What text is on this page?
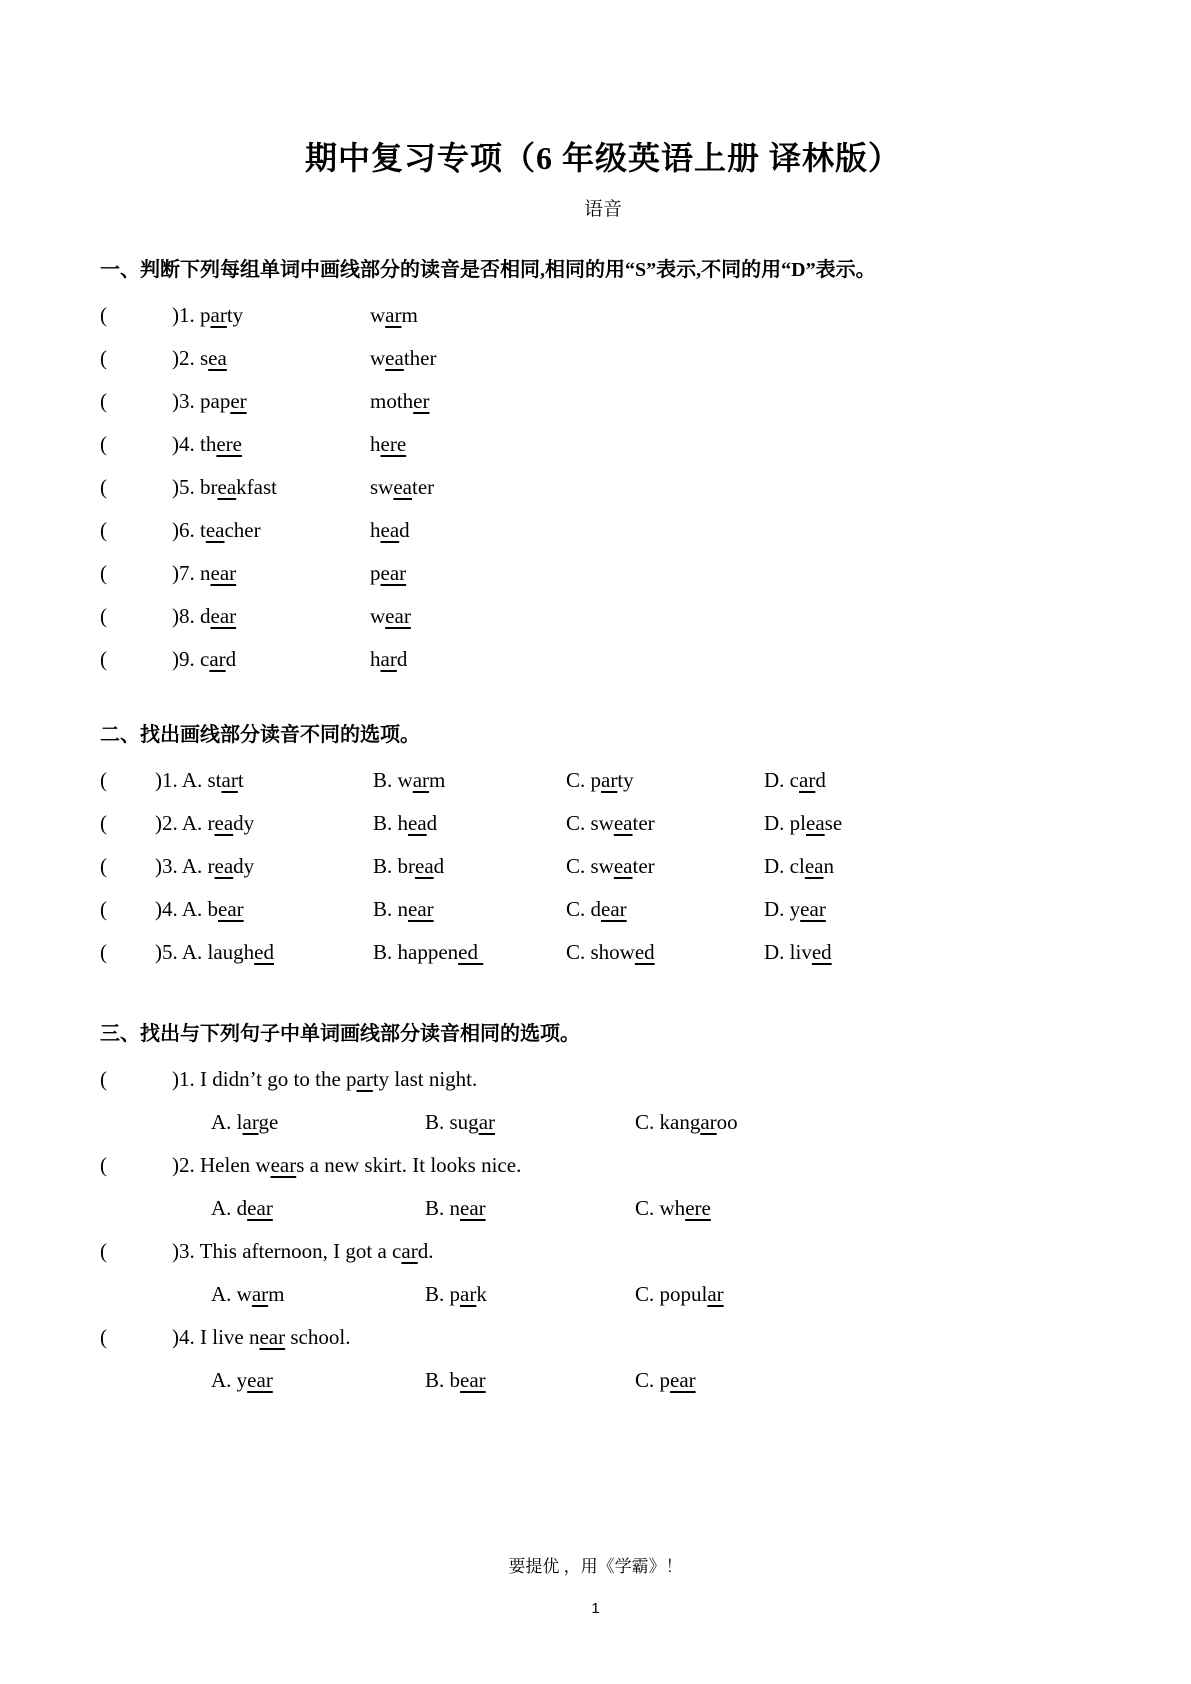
期中复习专项（6 年级英语上册 译林版）
语音
一、判断下列每组单词中画线部分的读音是否相同,相同的用“S”表示,不同的用“D”表示。
(	)1. party	warm
(	)2. sea	weather
(	)3. paper	mother
(	)4. there	here
(	)5. breakfast	sweater
(	)6. teacher	head
(	)7. near	pear
(	)8. dear	wear
(	)9. card	hard
二、找出画线部分读音不同的选项。
(	)1. A. start	B. warm	C. party	D. card
(	)2. A. ready	B. head	C. sweater	D. please
(	)3. A. ready	B. bread	C. sweater	D. clean
(	)4. A. bear	B. near	C. dear	D. year
(	)5. A. laughed	B. happened	C. showed	D. lived
三、找出与下列句子中单词画线部分读音相同的选项。
(	)1. I didn’t go to the party last night.
A. large	B. sugar	C. kangaroo
(	)2. Helen wears a new skirt. It looks nice.
A. dear	B. near	C. where
(	)3. This afternoon, I got a card.
A. warm	B. park	C. popular
(	)4. I live near school.
A. year	B. bear	C. pear
要提优 ，用《学霸》！
1
